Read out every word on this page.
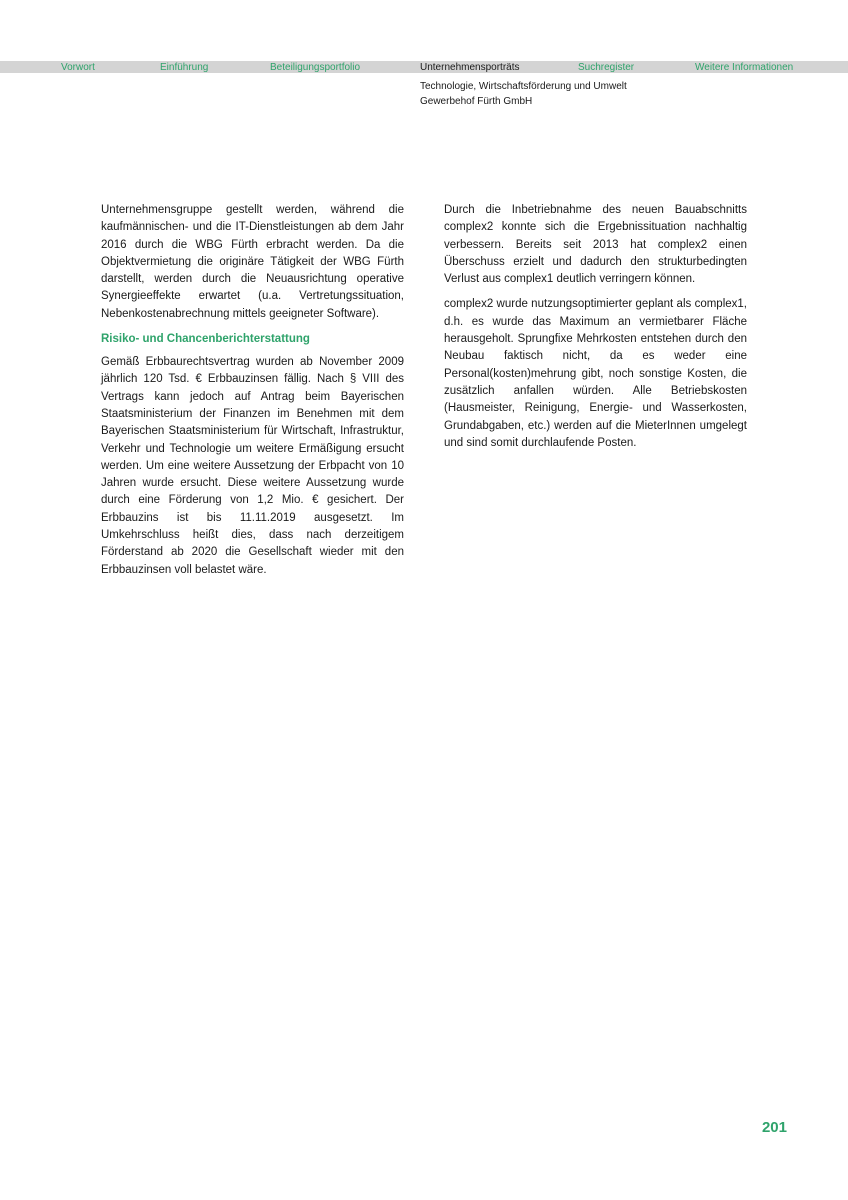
Vorwort	Einführung	Beteiligungsportfolio	Unternehmensporträts	Suchregister	Weitere Informationen
Technologie, Wirtschaftsförderung und Umwelt
Gewerbehof Fürth GmbH

Unternehmensgruppe gestellt werden, während die kaufmännischen- und die IT-Dienstleistungen ab dem Jahr 2016 durch die WBG Fürth erbracht werden. Da die Objektvermietung die originäre Tätigkeit der WBG Fürth darstellt, werden durch die Neuausrichtung operative Synergieeffekte erwartet (u.a. Vertretungssituation, Nebenkostenabrechnung mittels geeigneter Software).

Risiko- und Chancenberichterstattung

Gemäß Erbbaurechtsvertrag wurden ab November 2009 jährlich 120 Tsd. € Erbbauzinsen fällig. Nach § VIII des Vertrags kann jedoch auf Antrag beim Bayerischen Staatsministerium der Finanzen im Benehmen mit dem Bayerischen Staatsministerium für Wirtschaft, Infrastruktur, Verkehr und Technologie um weitere Ermäßigung ersucht werden. Um eine weitere Aussetzung der Erbpacht von 10 Jahren wurde ersucht. Diese weitere Aussetzung wurde durch eine Förderung von 1,2 Mio. € gesichert. Der Erbbauzins ist bis 11.11.2019 ausgesetzt. Im Umkehrschluss heißt dies, dass nach derzeitigem Förderstand ab 2020 die Gesellschaft wieder mit den Erbbauzinsen voll belastet wäre.

Durch die Inbetriebnahme des neuen Bauabschnitts complex2 konnte sich die Ergebnissituation nachhaltig verbessern. Bereits seit 2013 hat complex2 einen Überschuss erzielt und dadurch den strukturbedingten Verlust aus complex1 deutlich verringern können.

complex2 wurde nutzungsoptimierter geplant als complex1, d.h. es wurde das Maximum an vermietbarer Fläche herausgeholt. Sprungfixe Mehrkosten entstehen durch den Neubau faktisch nicht, da es weder eine Personal(kosten)mehrung gibt, noch sonstige Kosten, die zusätzlich anfallen würden. Alle Betriebskosten (Hausmeister, Reinigung, Energie- und Wasserkosten, Grundabgaben, etc.) werden auf die MieterInnen umgelegt und sind somit durchlaufende Posten.

201
